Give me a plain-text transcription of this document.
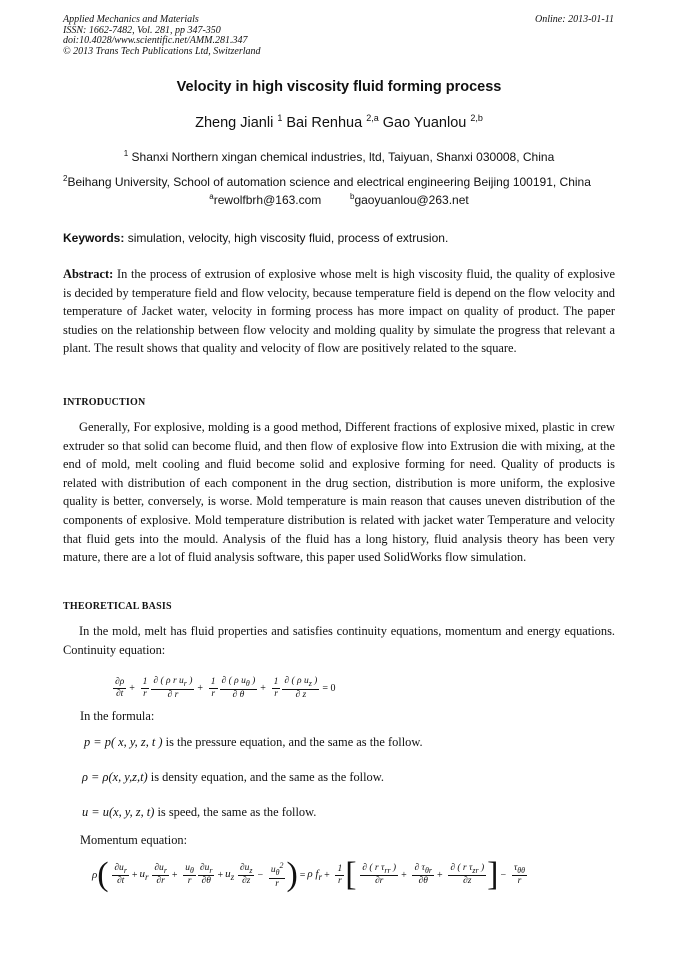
Applied Mechanics and Materials
ISSN: 1662-7482, Vol. 281, pp 347-350
doi:10.4028/www.scientific.net/AMM.281.347
© 2013 Trans Tech Publications Ltd, Switzerland
Online: 2013-01-11
Velocity in high viscosity fluid forming process
Zheng Jianli $^1$ Bai Renhua $^{2,a}$ Gao Yuanlou $^{2,b}$
$^1$ Shanxi Northern xingan chemical industries, ltd, Taiyuan, Shanxi 030008, China
$^2$Beihang University, School of automation science and electrical engineering Beijing 100191, China
$^a$rewolfbrh@163.com	$^b$gaoyuanlou@263.net
Keywords: simulation, velocity, high viscosity fluid, process of extrusion.

Abstract: In the process of extrusion of explosive whose melt is high viscosity fluid, the quality of explosive is decided by temperature field and flow velocity, because temperature field is depend on the flow velocity and temperature of Jacket water, velocity in forming process has more impact on quality of product. The paper studies on the relationship between flow velocity and molding quality by simulate the progress that relevant a plant. The result shows that quality and velocity of flow are positively related to the square.

INTRODUCTION

Generally, For explosive, molding is a good method, Different fractions of explosive mixed, plastic in crew extruder so that solid can become fluid, and then flow of explosive flow into Extrusion die with mixing, at the end of mold, melt cooling and fluid become solid and explosive forming for need. Quality of products is related with distribution of each component in the drug section, distribution is more uniform, the explosive quality is better, conversely, is worse. Mold temperature is main reason that causes uneven distribution of the components of explosive. Mold temperature distribution is related with jacket water Temperature and velocity that fluid gets into the mould. Analysis of the fluid has a long history, fluid analysis theory has been very mature, there are a lot of fluid analysis software, this paper used SolidWorks flow simulation.

THEORETICAL BASIS

In the mold, melt has fluid properties and satisfies continuity equations, momentum and energy equations. Continuity equation:

$\frac{\partial\rho}{\partial t} + \frac{1}{r} \frac{\partial ( \rho r u_r )}{\partial r} + \frac{1}{r} \frac{\partial ( \rho u_\theta )}{\partial \theta} + \frac{1}{r} \frac{\partial ( \rho u_z )}{\partial z} = 0$
In the formula:
p = p( x, y, z, t ) is the pressure equation, and the same as the follow.
ρ = ρ(x, y,z,t) is density equation, and the same as the follow.
u = u(x, y, z, t) is speed, the same as the follow.
Momentum equation:
$\rho( \frac{\partial u_r}{\partial t} + u_r \frac{\partial u_r}{\partial r} + \frac{u_\theta}{r} \frac{\partial u_r}{\partial\theta} + u_z \frac{\partial u_z}{\partial z} - \frac{u_\theta^2}{r}$ ) = ρ $f_r + \frac{1}{r}$ [ $\frac{\partial ( r \tau_{rr} )}{\partial r} + \frac{\partial \tau_{\theta r}}{\partial\theta} + \frac{\partial ( r \tau_{zr} )}{\partial z}$ ] − $\frac{\tau_{\theta\theta}}{r}$
